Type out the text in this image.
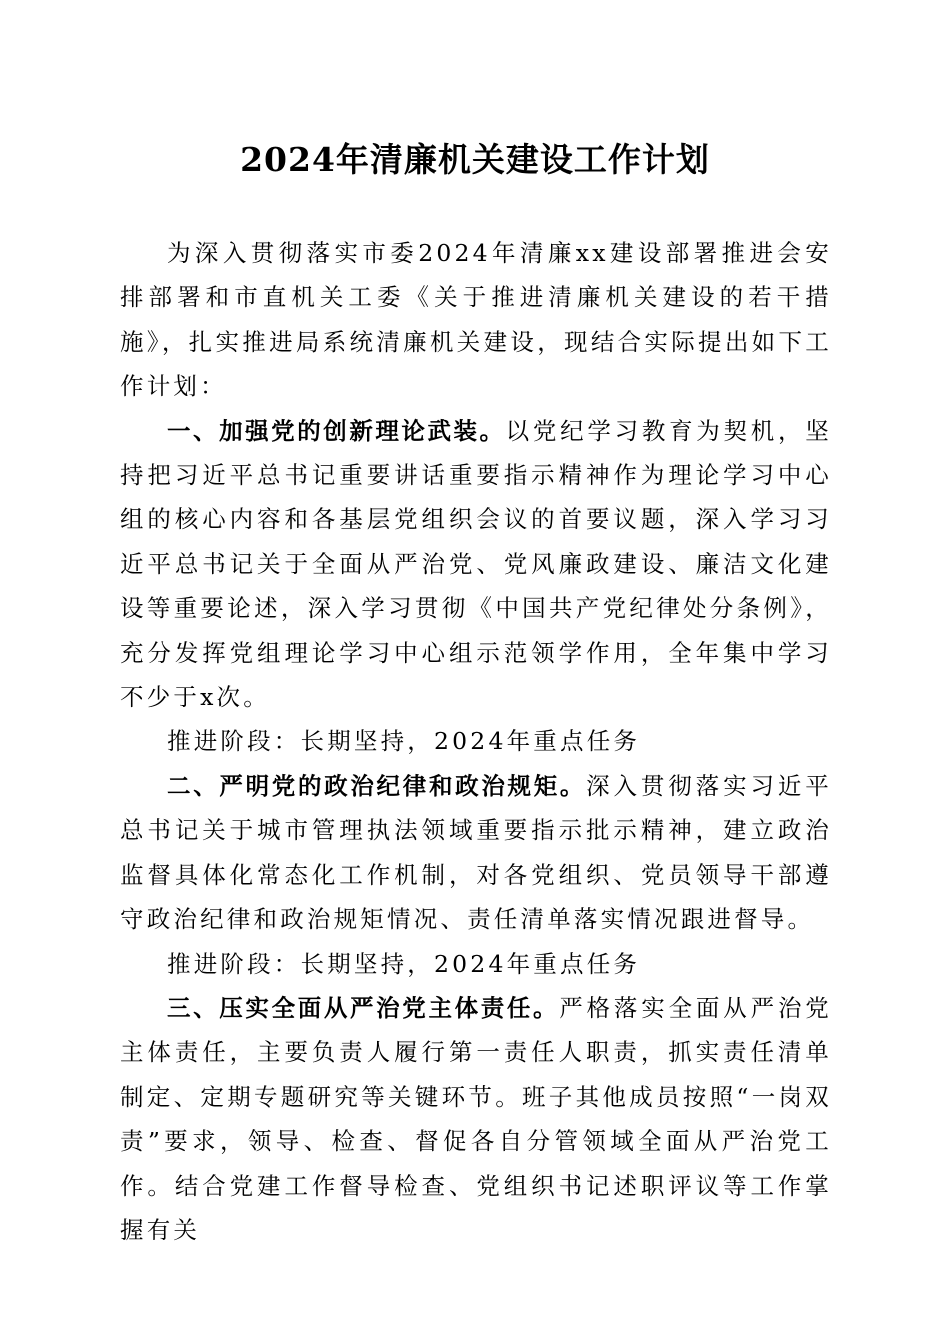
2024年清廉机关建设工作计划

为深入贯彻落实市委2024年清廉xx建设部署推进会安排部署和市直机关工委《关于推进清廉机关建设的若干措施》，扎实推进局系统清廉机关建设，现结合实际提出如下工作计划：

一、加强党的创新理论武装。以党纪学习教育为契机，坚持把习近平总书记重要讲话重要指示精神作为理论学习中心组的核心内容和各基层党组织会议的首要议题，深入学习习近平总书记关于全面从严治党、党风廉政建设、廉洁文化建设等重要论述，深入学习贯彻《中国共产党纪律处分条例》，充分发挥党组理论学习中心组示范领学作用，全年集中学习不少于x次。

推进阶段：长期坚持，2024年重点任务

二、严明党的政治纪律和政治规矩。深入贯彻落实习近平总书记关于城市管理执法领域重要指示批示精神，建立政治监督具体化常态化工作机制，对各党组织、党员领导干部遵守政治纪律和政治规矩情况、责任清单落实情况跟进督导。

推进阶段：长期坚持，2024年重点任务

三、压实全面从严治党主体责任。严格落实全面从严治党主体责任，主要负责人履行第一责任人职责，抓实责任清单制定、定期专题研究等关键环节。班子其他成员按照“一岗双责”要求，领导、检查、督促各自分管领域全面从严治党工作。结合党建工作督导检查、党组织书记述职评议等工作掌握有关
